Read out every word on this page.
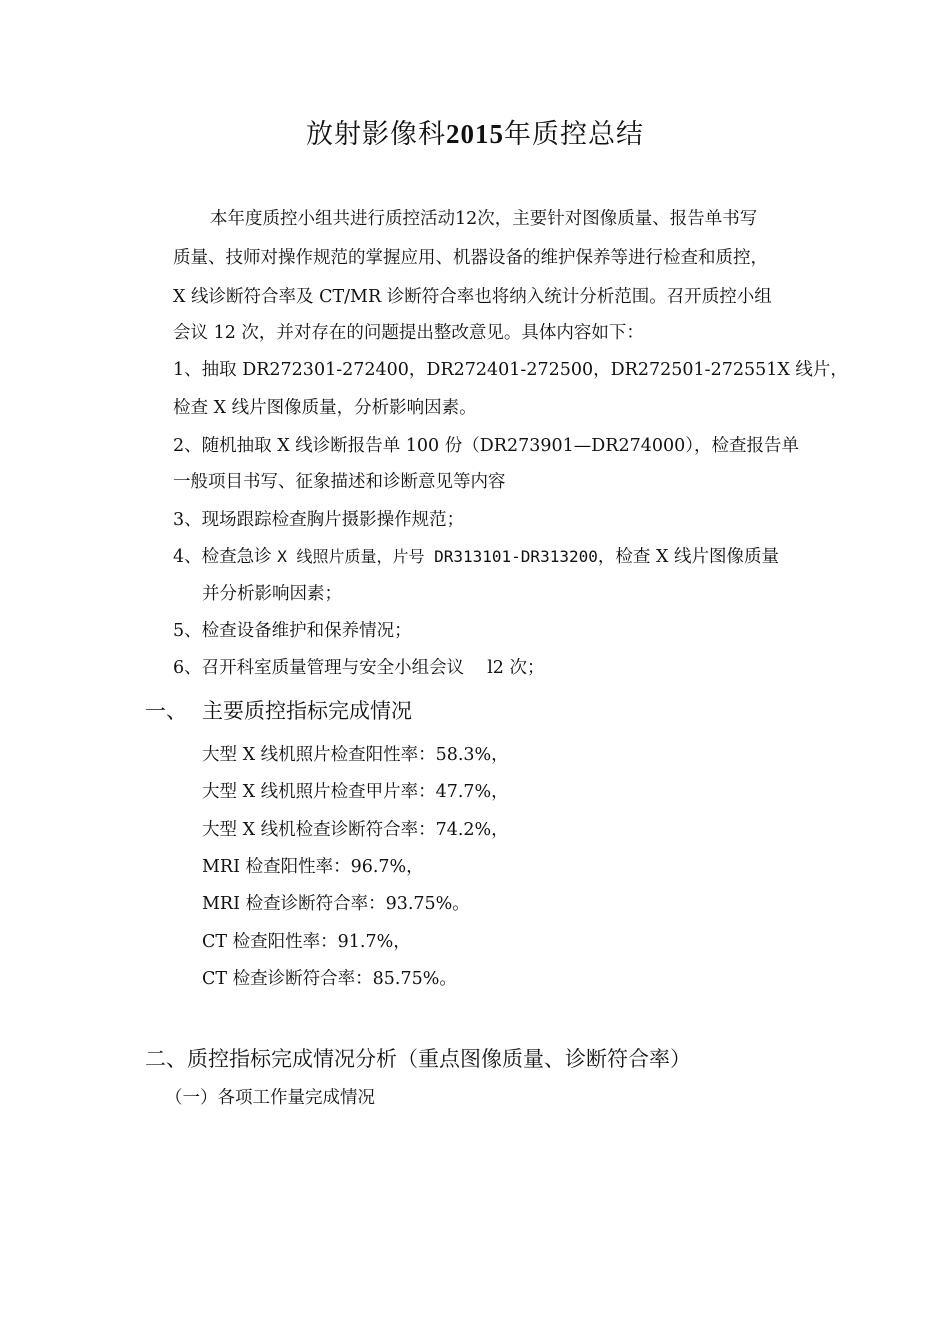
放射影像科2015年质控总结
本年度质控小组共进行质控活动12次，主要针对图像质量、报告单书写
质量、技师对操作规范的掌握应用、机器设备的维护保养等进行检查和质控，
X 线诊断符合率及 CT/MR 诊断符合率也将纳入统计分析范围。召开质控小组
会议 12 次，并对存在的问题提出整改意见。具体内容如下：
1、抽取 DR272301-272400，DR272401-272500，DR272501-272551X 线片，
检查 X 线片图像质量，分析影响因素。
2、随机抽取 X 线诊断报告单 100 份（DR273901—DR274000），检查报告单
一般项目书写、征象描述和诊断意见等内容
3、现场跟踪检查胸片摄影操作规范；
4、检查急诊 X 线照片质量，片号 DR313101-DR313200，检查 X 线片图像质量
并分析影响因素；
5、检查设备维护和保养情况；
6、召开科室质量管理与安全小组会议　 l2 次；
一、 主要质控指标完成情况
大型 X 线机照片检查阳性率：58.3%，
大型 X 线机照片检查甲片率：47.7%，
大型 X 线机检查诊断符合率：74.2%，
MRI 检查阳性率：96.7%，
MRI 检查诊断符合率：93.75%。
CT 检查阳性率：91.7%，
CT 检查诊断符合率：85.75%。
二、质控指标完成情况分析（重点图像质量、诊断符合率）
（一）各项工作量完成情况
